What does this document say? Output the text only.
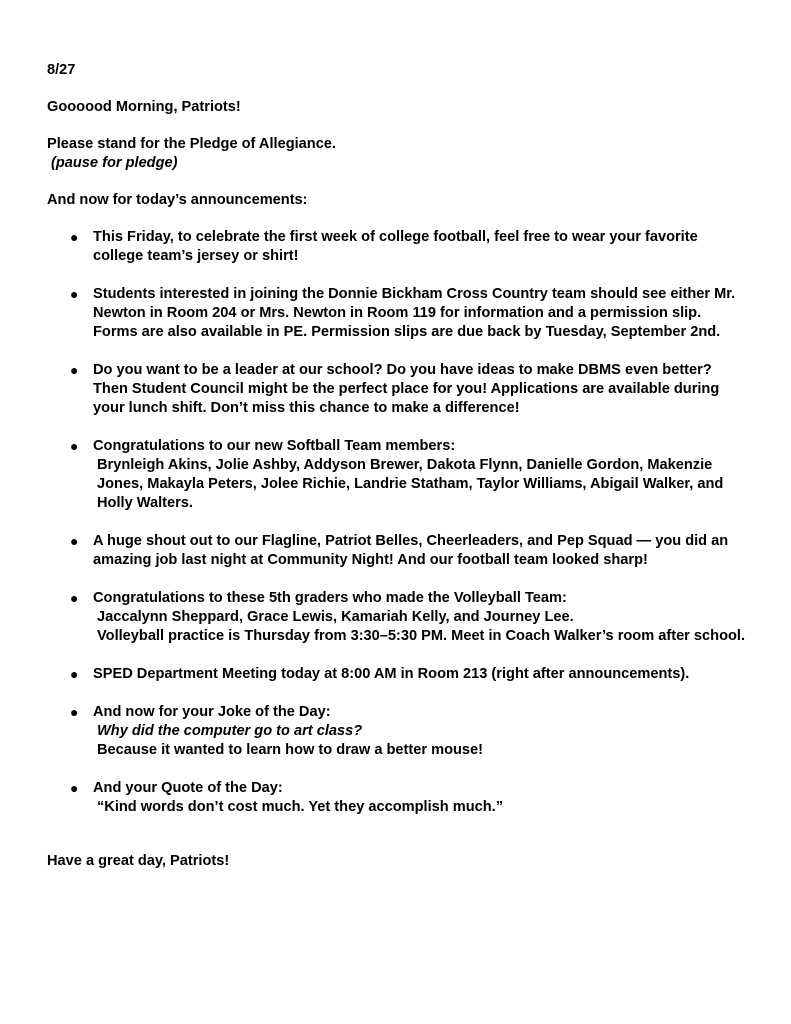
8/27

Goooood Morning, Patriots!

Please stand for the Pledge of Allegiance.
(pause for pledge)

And now for today’s announcements:

● This Friday, to celebrate the first week of college football, feel free to wear your favorite college team’s jersey or shirt!
● Students interested in joining the Donnie Bickham Cross Country team should see either Mr. Newton in Room 204 or Mrs. Newton in Room 119 for information and a permission slip. Forms are also available in PE. Permission slips are due back by Tuesday, September 2nd.
● Do you want to be a leader at our school? Do you have ideas to make DBMS even better? Then Student Council might be the perfect place for you! Applications are available during your lunch shift. Don’t miss this chance to make a difference!
● Congratulations to our new Softball Team members:
Brynleigh Akins, Jolie Ashby, Addyson Brewer, Dakota Flynn, Danielle Gordon, Makenzie Jones, Makayla Peters, Jolee Richie, Landrie Statham, Taylor Williams, Abigail Walker, and Holly Walters.
● A huge shout out to our Flagline, Patriot Belles, Cheerleaders, and Pep Squad — you did an amazing job last night at Community Night! And our football team looked sharp!
● Congratulations to these 5th graders who made the Volleyball Team:
Jaccalynn Sheppard, Grace Lewis, Kamariah Kelly, and Journey Lee.
Volleyball practice is Thursday from 3:30–5:30 PM. Meet in Coach Walker’s room after school.
● SPED Department Meeting today at 8:00 AM in Room 213 (right after announcements).
● And now for your Joke of the Day:
Why did the computer go to art class?
Because it wanted to learn how to draw a better mouse!
● And your Quote of the Day:
“Kind words don’t cost much. Yet they accomplish much.”

Have a great day, Patriots!
